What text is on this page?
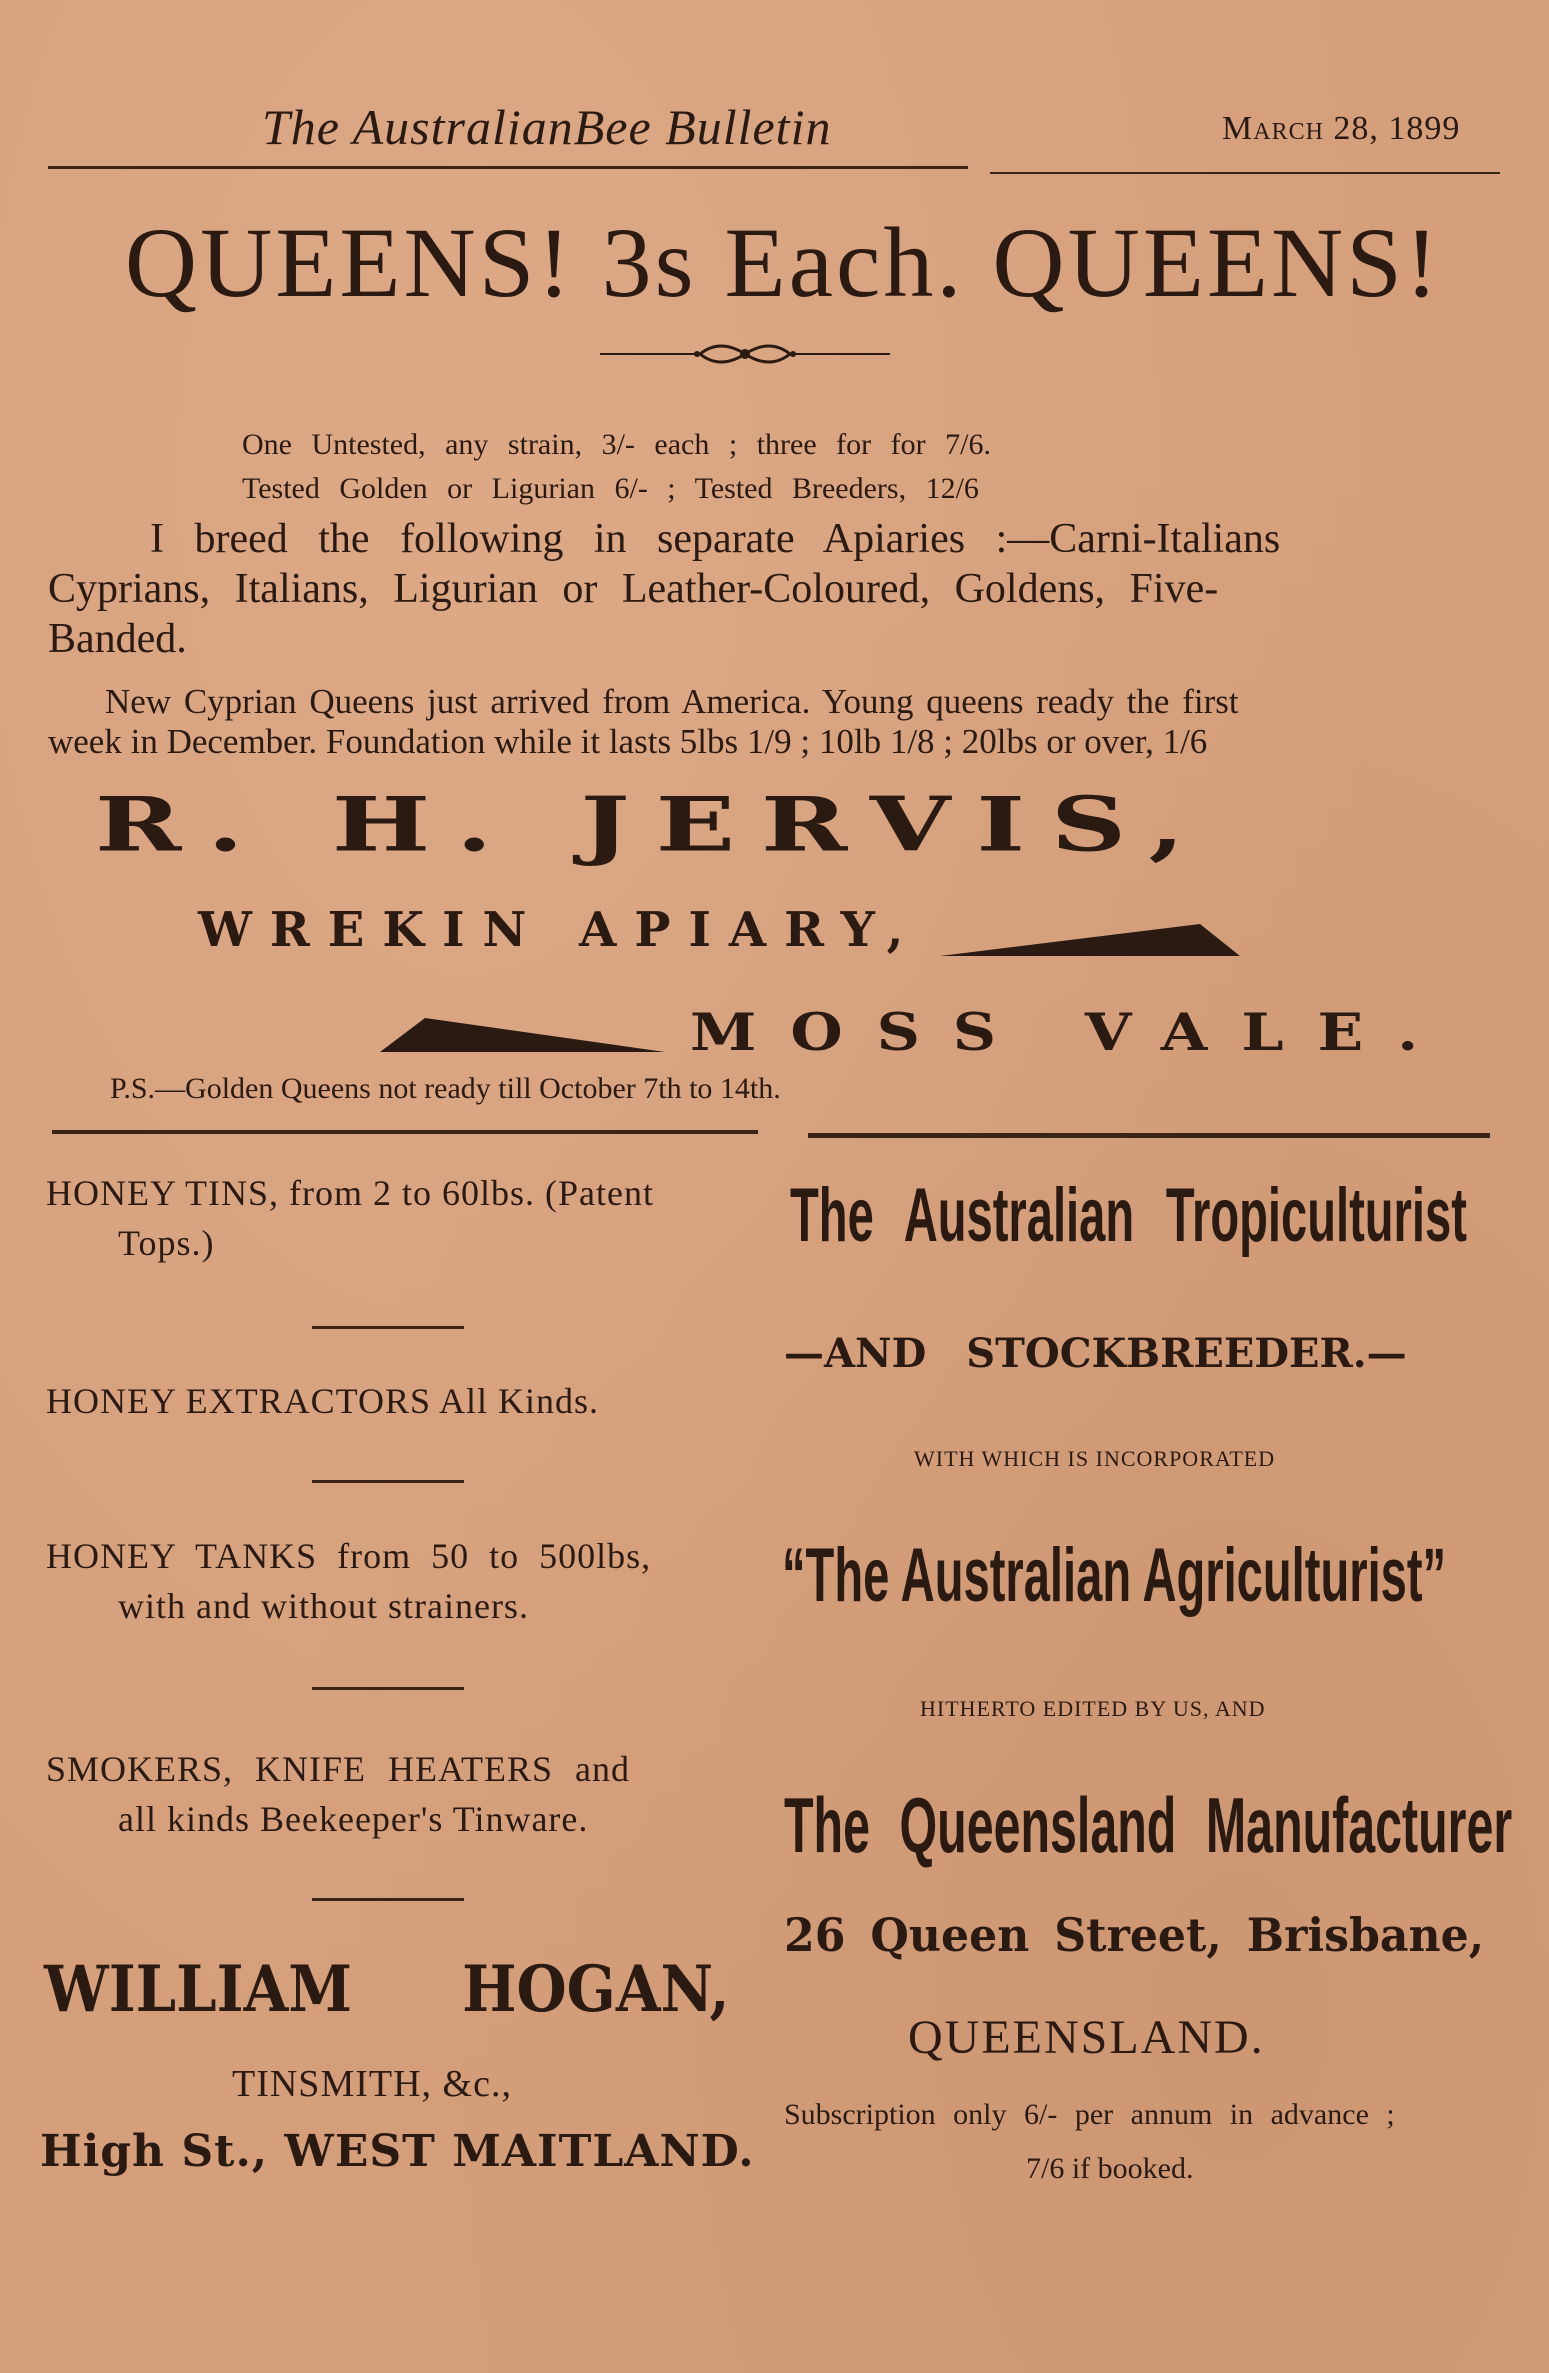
The AustralianBee Bulletin	March 28, 1899
QUEENS! 3s Each. QUEENS!
One Untested, any strain, 3/- each ; three for for 7/6.
Tested Golden or Ligurian 6/- ; Tested Breeders, 12/6
I breed the following in separate Apiaries :—Carni-Italians
Cyprians, Italians, Ligurian or Leather-Coloured, Goldens, Five-
Banded.
New Cyprian Queens just arrived from America. Young queens ready the first
week in December. Foundation while it lasts 5lbs 1/9 ; 10lb 1/8 ; 20lbs or over, 1/6
R. H. JERVIS,
WREKIN APIARY,
MOSS VALE.
P.S.—Golden Queens not ready till October 7th to 14th.
HONEY TINS, from 2 to 60lbs. (Patent
Tops.)
HONEY EXTRACTORS All Kinds.
HONEY TANKS from 50 to 500lbs,
with and without strainers.
SMOKERS, KNIFE HEATERS and
all kinds Beekeeper's Tinware.
WILLIAM HOGAN,
TINSMITH, &c.,
High St., WEST MAITLAND.
The Australian Tropiculturist
—AND STOCKBREEDER.—
WITH WHICH IS INCORPORATED
“The Australian Agriculturist”
HITHERTO EDITED BY US, AND
The Queensland Manufacturer
26 Queen Street, Brisbane,
QUEENSLAND.
Subscription only 6/- per annum in advance ;
7/6 if booked.
